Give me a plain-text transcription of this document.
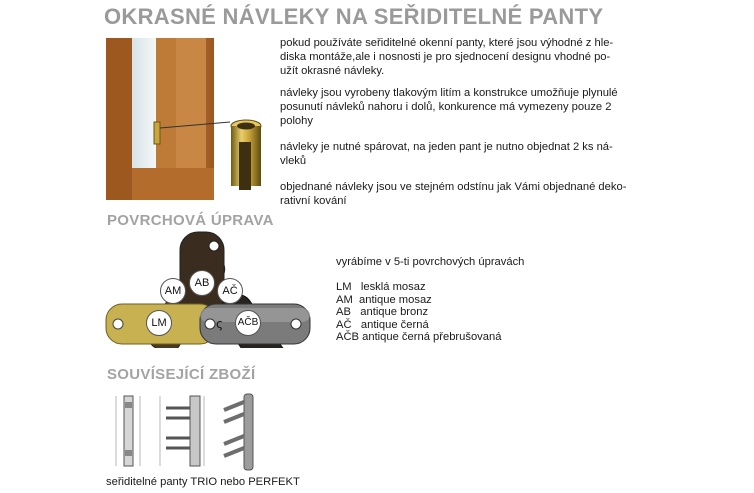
OKRASNÉ NÁVLEKY NA SEŘIDITELNÉ PANTY
pokud používáte seřiditelné okenní panty, které jsou výhodné z hle-
diska montáže,ale i nosnosti je pro sjednocení designu vhodné po-
užít okrasné návleky.
návleky jsou vyrobeny tlakovým litím a konstrukce umožňuje plynulé
posunutí návleků nahoru i dolů, konkurence má vymezeny pouze 2
polohy
návleky je nutné spárovat, na jeden pant je nutno objednat 2 ks ná-
vleků
objednané návleky jsou ve stejném odstínu jak Vámi objednané deko-
rativní kování
POVRCHOVÁ ÚPRAVA
ς
AM
AB
AČ
LM	AČB
vyrábíme v 5-ti povrchových úpravách
LM lesklá mosaz
AM antique mosaz
AB antique bronz
AČ antique černá
AČB antique černá přebrušovaná
SOUVÍSEJÍCÍ ZBOŽÍ
seřiditelné panty TRIO nebo PERFEKT
